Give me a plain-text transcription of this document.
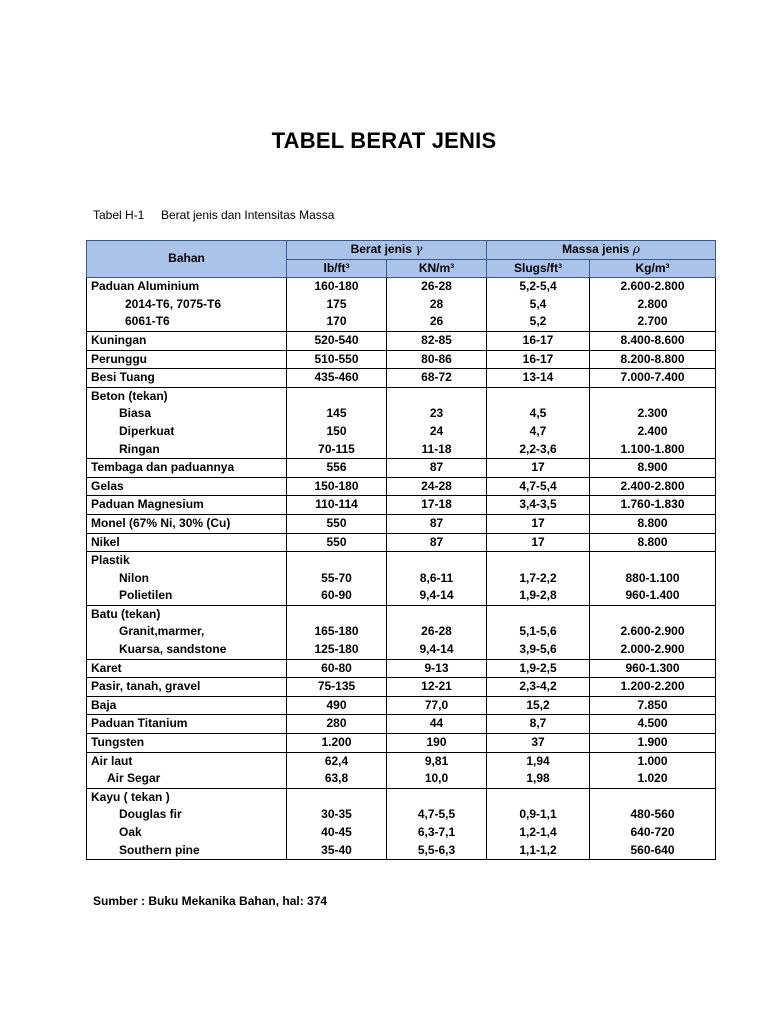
TABEL BERAT JENIS
Tabel H-1 Berat jenis dan Intensitas Massa
Bahan	Berat jenis γ		Massa jenis ρ	
	lb/ft³	KN/m³	Slugs/ft³	Kg/m³
Paduan Aluminium	160-180	26-28	5,2-5,4	2.600-2.800
2014-T6, 7075-T6	175	28	5,4	2.800
6061-T6	170	26	5,2	2.700
Kuningan	520-540	82-85	16-17	8.400-8.600
Perunggu	510-550	80-86	16-17	8.200-8.800
Besi Tuang	435-460	68-72	13-14	7.000-7.400
Beton (tekan)				
Biasa	145	23	4,5	2.300
Diperkuat	150	24	4,7	2.400
Ringan	70-115	11-18	2,2-3,6	1.100-1.800
Tembaga dan paduannya	556	87	17	8.900
Gelas	150-180	24-28	4,7-5,4	2.400-2.800
Paduan Magnesium	110-114	17-18	3,4-3,5	1.760-1.830
Monel (67% Ni, 30% (Cu)	550	87	17	8.800
Nikel	550	87	17	8.800
Plastik				
Nilon	55-70	8,6-11	1,7-2,2	880-1.100
Polietilen	60-90	9,4-14	1,9-2,8	960-1.400
Batu (tekan)				
Granit,marmer,	165-180	26-28	5,1-5,6	2.600-2.900
Kuarsa, sandstone	125-180	9,4-14	3,9-5,6	2.000-2.900
Karet	60-80	9-13	1,9-2,5	960-1.300
Pasir, tanah, gravel	75-135	12-21	2,3-4,2	1.200-2.200
Baja	490	77,0	15,2	7.850
Paduan Titanium	280	44	8,7	4.500
Tungsten	1.200	190	37	1.900
Air laut	62,4	9,81	1,94	1.000
Air Segar	63,8	10,0	1,98	1.020
Kayu ( tekan )				
Douglas fir	30-35	4,7-5,5	0,9-1,1	480-560
Oak	40-45	6,3-7,1	1,2-1,4	640-720
Southern pine	35-40	5,5-6,3	1,1-1,2	560-640
Sumber : Buku Mekanika Bahan, hal: 374
